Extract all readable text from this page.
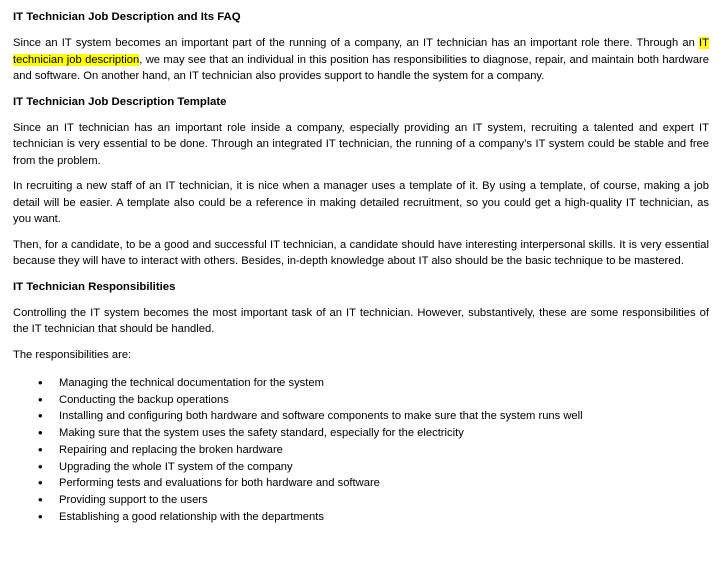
IT Technician Job Description and Its FAQ

Since an IT system becomes an important part of the running of a company, an IT technician has an important role there. Through an IT technician job description, we may see that an individual in this position has responsibilities to diagnose, repair, and maintain both hardware and software. On another hand, an IT technician also provides support to handle the system for a company.

IT Technician Job Description Template

Since an IT technician has an important role inside a company, especially providing an IT system, recruiting a talented and expert IT technician is very essential to be done. Through an integrated IT technician, the running of a company’s IT system could be stable and free from the problem.

In recruiting a new staff of an IT technician, it is nice when a manager uses a template of it. By using a template, of course, making a job detail will be easier. A template also could be a reference in making detailed recruitment, so you could get a high-quality IT technician, as you want.

Then, for a candidate, to be a good and successful IT technician, a candidate should have interesting interpersonal skills. It is very essential because they will have to interact with others. Besides, in-depth knowledge about IT also should be the basic technique to be mastered.

IT Technician Responsibilities

Controlling the IT system becomes the most important task of an IT technician. However, substantively, these are some responsibilities of the IT technician that should be handled.

The responsibilities are:

• Managing the technical documentation for the system
• Conducting the backup operations
• Installing and configuring both hardware and software components to make sure that the system runs well
• Making sure that the system uses the safety standard, especially for the electricity
• Repairing and replacing the broken hardware
• Upgrading the whole IT system of the company
• Performing tests and evaluations for both hardware and software
• Providing support to the users
• Establishing a good relationship with the departments
